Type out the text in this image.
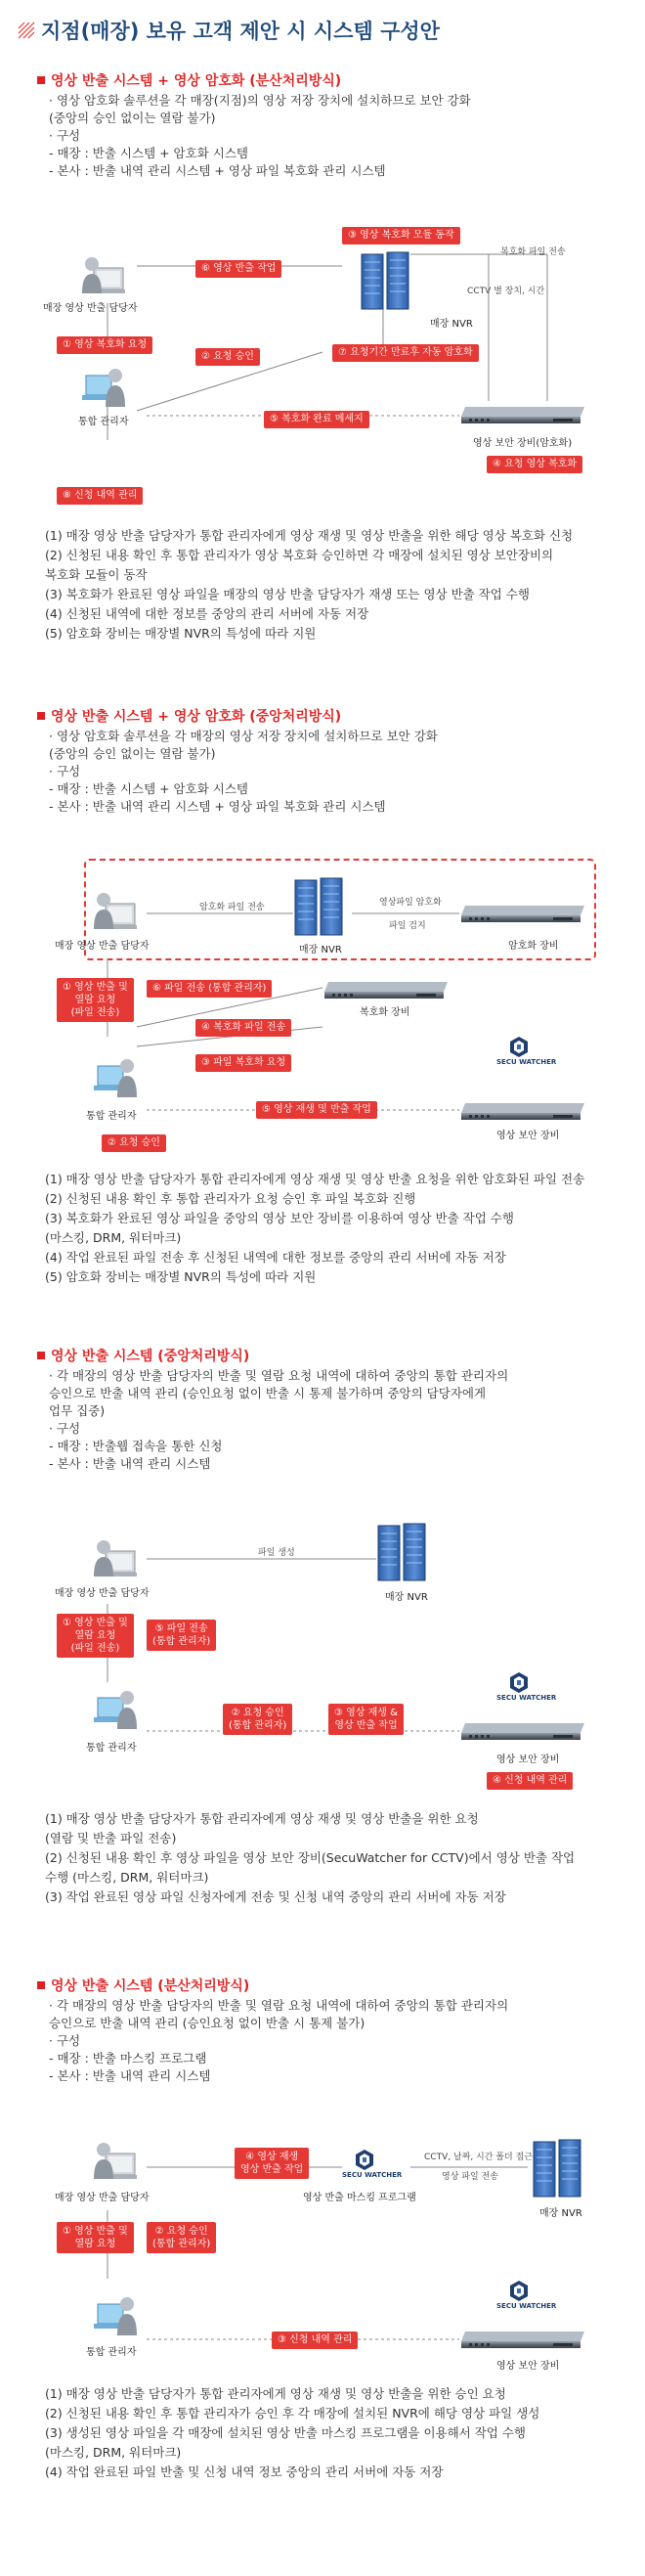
지점(매장) 보유 고객 제안 시 시스템 구성안
영상 반출 시스템 + 영상 암호화 (분산처리방식)
· 영상 암호화 솔루션을 각 매장(지점)의 영상 저장 장치에 설치하므로 보안 강화
(중앙의 승인 없이는 열람 불가)
· 구성
- 매장 : 반출 시스템 + 암호화 시스템
- 본사 : 반출 내역 관리 시스템 + 영상 파일 복호화 관리 시스템
③ 영상 복호화 모듈 동작
복호화 파일 전송
⑥ 영상 반출 작업
CCTV 별 장치, 시간
매장 영상 반출 담당자
매장 NVR
① 영상 복호화 요청
② 요청 승인	⑦ 요청기간 만료후 자동 암호화
⑤ 복호화 완료 메세지
통합 관리자
영상 보안 장비(암호화)
④ 요청 영상 복호화
⑧ 신청 내역 관리
(1) 매장 영상 반출 담당자가 통합 관리자에게 영상 재생 및 영상 반출을 위한 해당 영상 복호화 신청
(2) 신청된 내용 확인 후 통합 관리자가 영상 복호화 승인하면 각 매장에 설치된 영상 보안장비의
복호화 모듈이 동작
(3) 복호화가 완료된 영상 파일을 매장의 영상 반출 담당자가 재생 또는 영상 반출 작업 수행
(4) 신청된 내역에 대한 정보를 중앙의 관리 서버에 자동 저장
(5) 암호화 장비는 매장별 NVR의 특성에 따라 지원
영상 반출 시스템 + 영상 암호화 (중앙처리방식)
· 영상 암호화 솔루션을 각 매장의 영상 저장 장치에 설치하므로 보안 강화
(중앙의 승인 없이는 열람 불가)
· 구성
- 매장 : 반출 시스템 + 암호화 시스템
- 본사 : 반출 내역 관리 시스템 + 영상 파일 복호화 관리 시스템
암호화 파일 전송	영상파일 암호화
파일 검지
매장 영상 반출 담당자	매장 NVR	암호화 장비
① 영상 반출 및
열람 요청
(파일 전송)
⑥ 파일 전송 (통합 관리자)
복호화 장비
④ 복호화 파일 전송
SECU WATCHER
③ 파일 복호화 요청
⑤ 영상 재생 및 반출 작업
통합 관리자
영상 보안 장비
② 요청 승인
(1) 매장 영상 반출 담당자가 통합 관리자에게 영상 재생 및 영상 반출 요청을 위한 암호화된 파일 전송
(2) 신청된 내용 확인 후 통합 관리자가 요청 승인 후 파일 복호화 진행
(3) 복호화가 완료된 영상 파일을 중앙의 영상 보안 장비를 이용하여 영상 반출 작업 수행
(마스킹, DRM, 워터마크)
(4) 작업 완료된 파일 전송 후 신청된 내역에 대한 정보를 중앙의 관리 서버에 자동 저장
(5) 암호화 장비는 매장별 NVR의 특성에 따라 지원
영상 반출 시스템 (중앙처리방식)
· 각 매장의 영상 반출 담당자의 반출 및 열람 요청 내역에 대하여 중앙의 통합 관리자의
승인으로 반출 내역 관리 (승인요청 없이 반출 시 통제 불가하며 중앙의 담당자에게
업무 집중)
· 구성
- 매장 : 반출웹 접속을 통한 신청
- 본사 : 반출 내역 관리 시스템
파일 생성
매장 영상 반출 담당자	매장 NVR
① 영상 반출 및
열람 요청
(파일 전송)
⑤ 파일 전송
(통합 관리자)
SECU WATCHER
② 요청 승인
(통합 관리자)
③ 영상 재생 &
영상 반출 작업
통합 관리자
영상 보안 장비
④ 신청 내역 관리
(1) 매장 영상 반출 담당자가 통합 관리자에게 영상 재생 및 영상 반출을 위한 요청
(열람 및 반출 파일 전송)
(2) 신청된 내용 확인 후 영상 파일을 영상 보안 장비(SecuWatcher for CCTV)에서 영상 반출 작업
수행 (마스킹, DRM, 워터마크)
(3) 작업 완료된 영상 파일 신청자에게 전송 및 신청 내역 중앙의 관리 서버에 자동 저장
영상 반출 시스템 (분산처리방식)
· 각 매장의 영상 반출 담당자의 반출 및 열람 요청 내역에 대하여 중앙의 통합 관리자의
승인으로 반출 내역 관리 (승인요청 없이 반출 시 통제 불가)
· 구성
- 매장 : 반출 마스킹 프로그램
- 본사 : 반출 내역 관리 시스템
④ 영상 재생
영상 반출 작업	SECU WATCHER
CCTV, 날짜, 시간 폴더 접근
영상 파일 전송
매장 영상 반출 담당자	영상 반출 마스킹 프로그램
매장 NVR
① 영상 반출 및
열람 요청
② 요청 승인
(통합 관리자)
SECU WATCHER
③ 신청 내역 관리
통합 관리자
영상 보안 장비
(1) 매장 영상 반출 담당자가 통합 관리자에게 영상 재생 및 영상 반출을 위한 승인 요청
(2) 신청된 내용 확인 후 통합 관리자가 승인 후 각 매장에 설치된 NVR에 해당 영상 파일 생성
(3) 생성된 영상 파일을 각 매장에 설치된 영상 반출 마스킹 프로그램을 이용해서 작업 수행
(마스킹, DRM, 워터마크)
(4) 작업 완료된 파일 반출 및 신청 내역 정보 중앙의 관리 서버에 자동 저장
